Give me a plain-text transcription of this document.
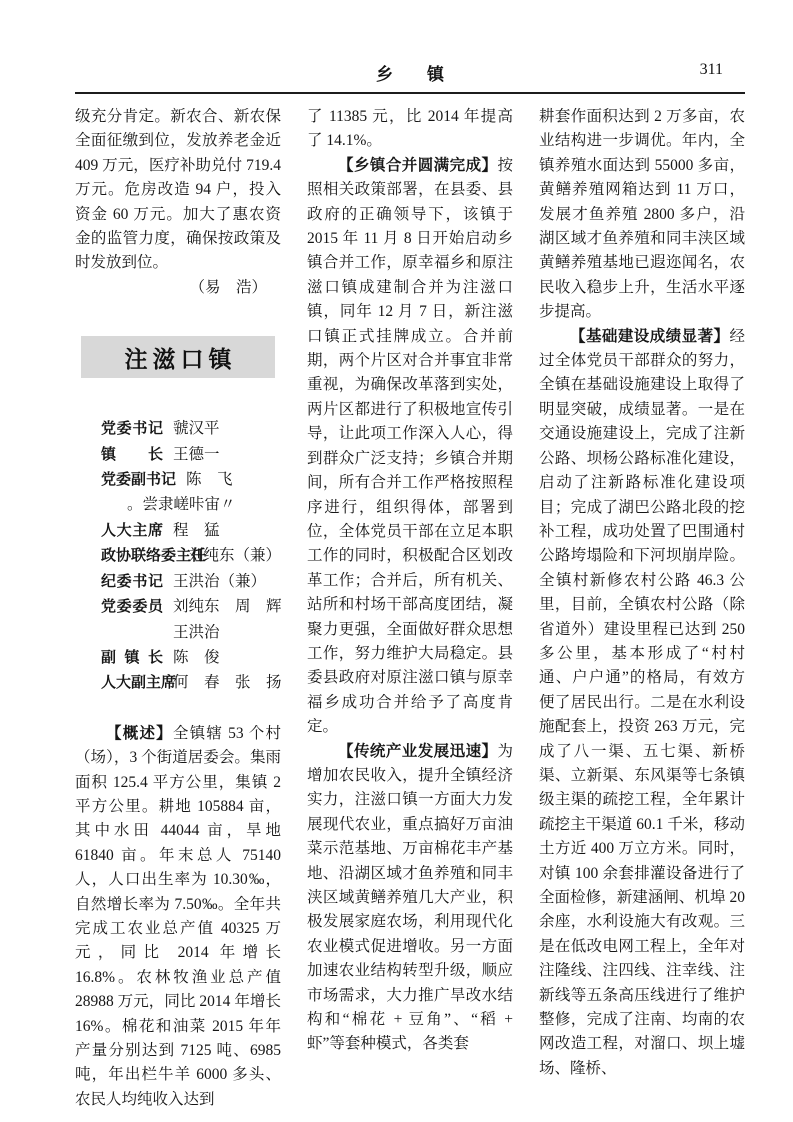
乡　　镇	311

级充分肯定。新农合、新农保全面征缴到位，发放养老金近 409 万元，医疗补助兑付 719.4 万元。危房改造 94 户，投入资金 60 万元。加大了惠农资金的监管力度，确保按政策及时发放到位。

（易　浩）

注滋口镇
党委书记 虢汉平
镇长 王德一
党委副书记 陈　飞
。尝隶嵯咔宙〃
人大主席 程　猛
政协联络委主任
刘纯东（兼）
纪委书记 王洪治（兼）
党委委员 刘纯东　周　辉
王洪治
副镇长 陈　俊
人大副主席
何　春　张　扬

【概述】全镇辖 53 个村（场），3 个街道居委会。集雨面积 125.4 平方公里，集镇 2 平方公里。耕地 105884 亩，其中水田 44044 亩，旱地 61840 亩。年末总人 75140 人，人口出生率为 10.30‰，自然增长率为 7.50‰。全年共完成工农业总产值 40325 万元，同比 2014 年增长 16.8%。农林牧渔业总产值 28988 万元，同比 2014 年增长 16%。棉花和油菜 2015 年年产量分别达到 7125 吨、6985 吨，年出栏牛羊 6000 多头、农民人均纯收入达到

了 11385 元，比 2014 年提高了 14.1%。

【乡镇合并圆满完成】按照相关政策部署，在县委、县政府的正确领导下，该镇于 2015 年 11 月 8 日开始启动乡镇合并工作，原幸福乡和原注滋口镇成建制合并为注滋口镇，同年 12 月 7 日，新注滋口镇正式挂牌成立。合并前期，两个片区对合并事宜非常重视，为确保改革落到实处，两片区都进行了积极地宣传引导，让此项工作深入人心，得到群众广泛支持；乡镇合并期间，所有合并工作严格按照程序进行，组织得体，部署到位，全体党员干部在立足本职工作的同时，积极配合区划改革工作；合并后，所有机关、站所和村场干部高度团结，凝聚力更强，全面做好群众思想工作，努力维护大局稳定。县委县政府对原注滋口镇与原幸福乡成功合并给予了高度肯定。

【传统产业发展迅速】为增加农民收入，提升全镇经济实力，注滋口镇一方面大力发展现代农业，重点搞好万亩油菜示范基地、万亩棉花丰产基地、沿湖区域才鱼养殖和同丰浃区域黄鳝养殖几大产业，积极发展家庭农场，利用现代化农业模式促进增收。另一方面加速农业结构转型升级，顺应市场需求，大力推广旱改水结构和“棉花 + 豆角”、“稻 + 虾”等套种模式，各类套

耕套作面积达到 2 万多亩，农业结构进一步调优。年内，全镇养殖水面达到 55000 多亩，黄鳝养殖网箱达到 11 万口，发展才鱼养殖 2800 多户，沿湖区域才鱼养殖和同丰浃区域黄鳝养殖基地已遐迩闻名，农民收入稳步上升，生活水平逐步提高。

【基础建设成绩显著】经过全体党员干部群众的努力，全镇在基础设施建设上取得了明显突破，成绩显著。一是在交通设施建设上，完成了注新公路、坝杨公路标准化建设，启动了注新路标准化建设项目；完成了湖巴公路北段的挖补工程，成功处置了巴围通村公路垮塌险和下河坝崩岸险。全镇村新修农村公路 46.3 公里，目前，全镇农村公路（除省道外）建设里程已达到 250 多公里，基本形成了“村村通、户户通”的格局，有效方便了居民出行。二是在水利设施配套上，投资 263 万元，完成了八一渠、五七渠、新桥渠、立新渠、东风渠等七条镇级主渠的疏挖工程，全年累计疏挖主干渠道 60.1 千米，移动土方近 400 万立方米。同时，对镇 100 余套排灌设备进行了全面检修，新建涵闸、机埠 20 余座，水利设施大有改观。三是在低改电网工程上，全年对注隆线、注四线、注幸线、注新线等五条高压线进行了维护整修，完成了注南、均南的农网改造工程，对溜口、坝上墟场、隆桥、
